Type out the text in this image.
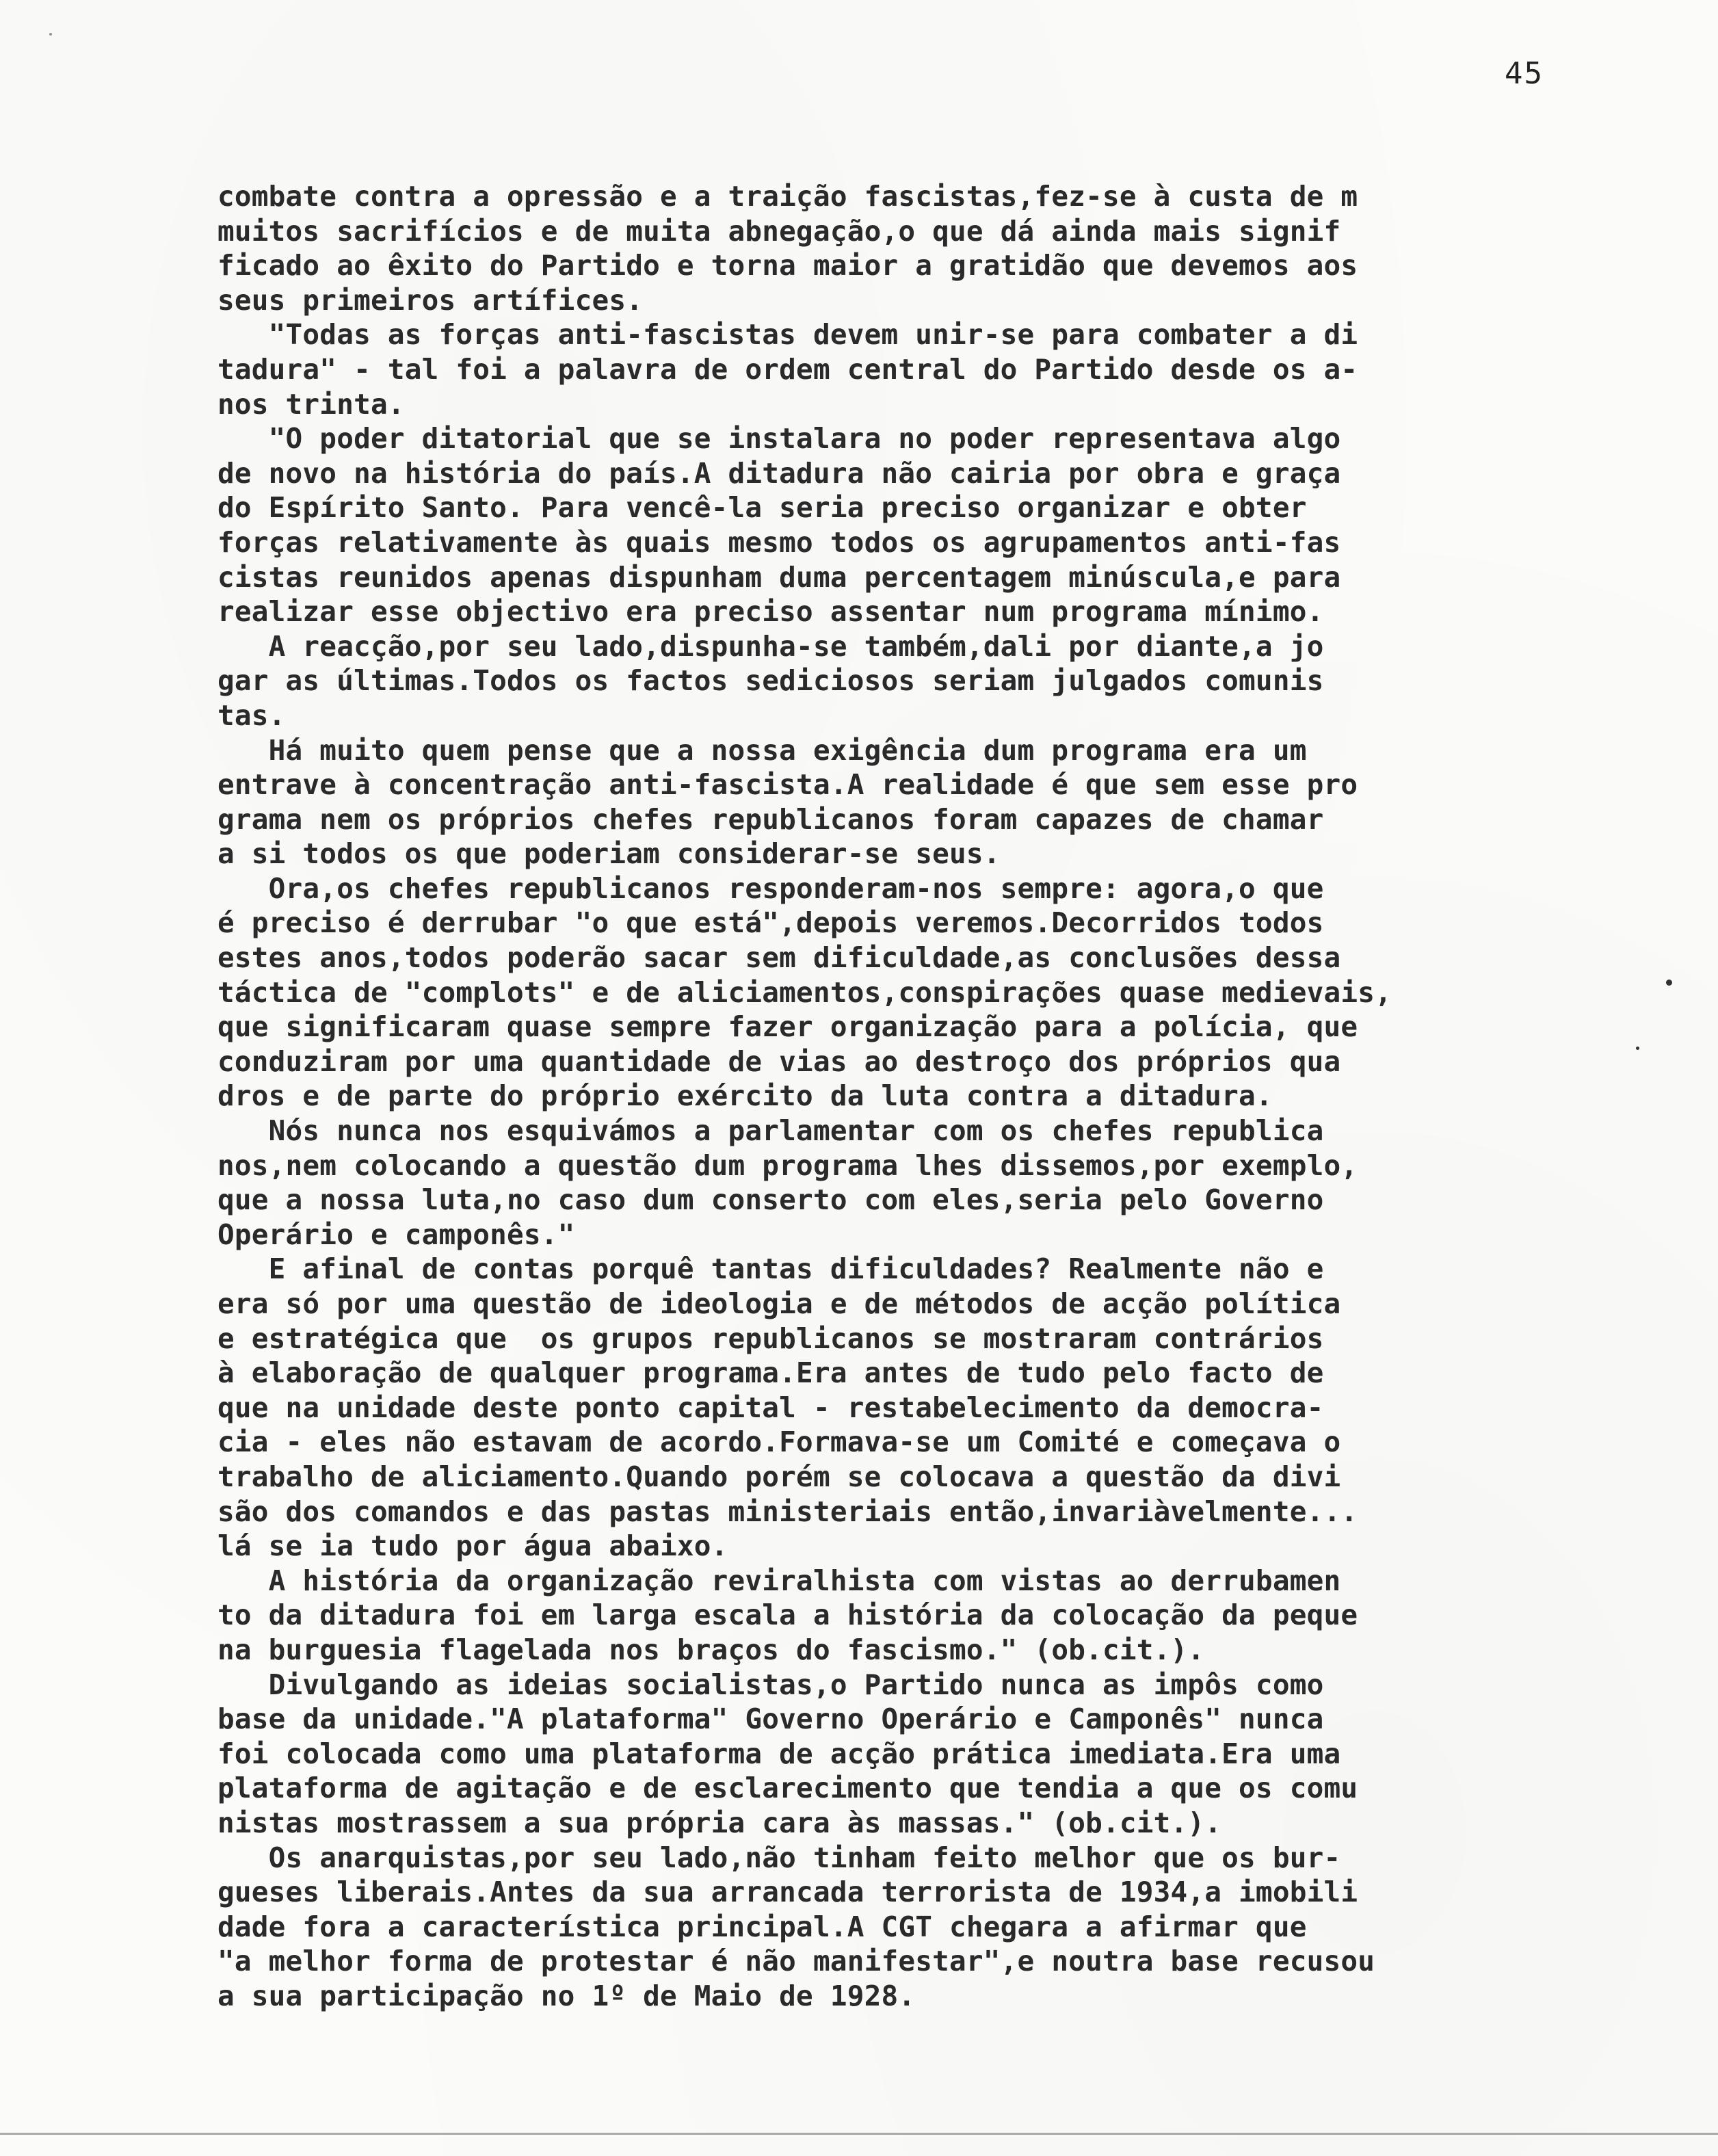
45
combate contra a opressão e a traição fascistas,fez-se à custa de m
muitos sacrifícios e de muita abnegação,o que dá ainda mais signif
ficado ao êxito do Partido e torna maior a gratidão que devemos aos
seus primeiros artífices.
"Todas as forças anti-fascistas devem unir-se para combater a di
tadura" - tal foi a palavra de ordem central do Partido desde os a-
nos trinta.
"O poder ditatorial que se instalara no poder representava algo
de novo na história do país.A ditadura não cairia por obra e graça
do Espírito Santo. Para vencê-la seria preciso organizar e obter
forças relativamente às quais mesmo todos os agrupamentos anti-fas
cistas reunidos apenas dispunham duma percentagem minúscula,e para
realizar esse objectivo era preciso assentar num programa mínimo.
A reacção,por seu lado,dispunha-se também,dali por diante,a jo
gar as últimas.Todos os factos sediciosos seriam julgados comunis
tas.
Há muito quem pense que a nossa exigência dum programa era um
entrave à concentração anti-fascista.A realidade é que sem esse pro
grama nem os próprios chefes republicanos foram capazes de chamar
a si todos os que poderiam considerar-se seus.
Ora,os chefes republicanos responderam-nos sempre: agora,o que
é preciso é derrubar "o que está",depois veremos.Decorridos todos
estes anos,todos poderão sacar sem dificuldade,as conclusões dessa
táctica de "complots" e de aliciamentos,conspirações quase medievais,
que significaram quase sempre fazer organização para a polícia, que
conduziram por uma quantidade de vias ao destroço dos próprios qua
dros e de parte do próprio exército da luta contra a ditadura.
Nós nunca nos esquivámos a parlamentar com os chefes republica
nos,nem colocando a questão dum programa lhes dissemos,por exemplo,
que a nossa luta,no caso dum conserto com eles,seria pelo Governo
Operário e camponês."
E afinal de contas porquê tantas dificuldades? Realmente não e
era só por uma questão de ideologia e de métodos de acção política
e estratégica que  os grupos republicanos se mostraram contrários
à elaboração de qualquer programa.Era antes de tudo pelo facto de
que na unidade deste ponto capital - restabelecimento da democra-
cia - eles não estavam de acordo.Formava-se um Comité e começava o
trabalho de aliciamento.Quando porém se colocava a questão da divi
são dos comandos e das pastas ministeriais então,invariàvelmente...
lá se ia tudo por água abaixo.
A história da organização reviralhista com vistas ao derrubamen
to da ditadura foi em larga escala a história da colocação da peque
na burguesia flagelada nos braços do fascismo." (ob.cit.).
Divulgando as ideias socialistas,o Partido nunca as impôs como
base da unidade."A plataforma" Governo Operário e Camponês" nunca
foi colocada como uma plataforma de acção prática imediata.Era uma
plataforma de agitação e de esclarecimento que tendia a que os comu
nistas mostrassem a sua própria cara às massas." (ob.cit.).
Os anarquistas,por seu lado,não tinham feito melhor que os bur-
gueses liberais.Antes da sua arrancada terrorista de 1934,a imobili
dade fora a característica principal.A CGT chegara a afirmar que
"a melhor forma de protestar é não manifestar",e noutra base recusou
a sua participação no 1º de Maio de 1928.
